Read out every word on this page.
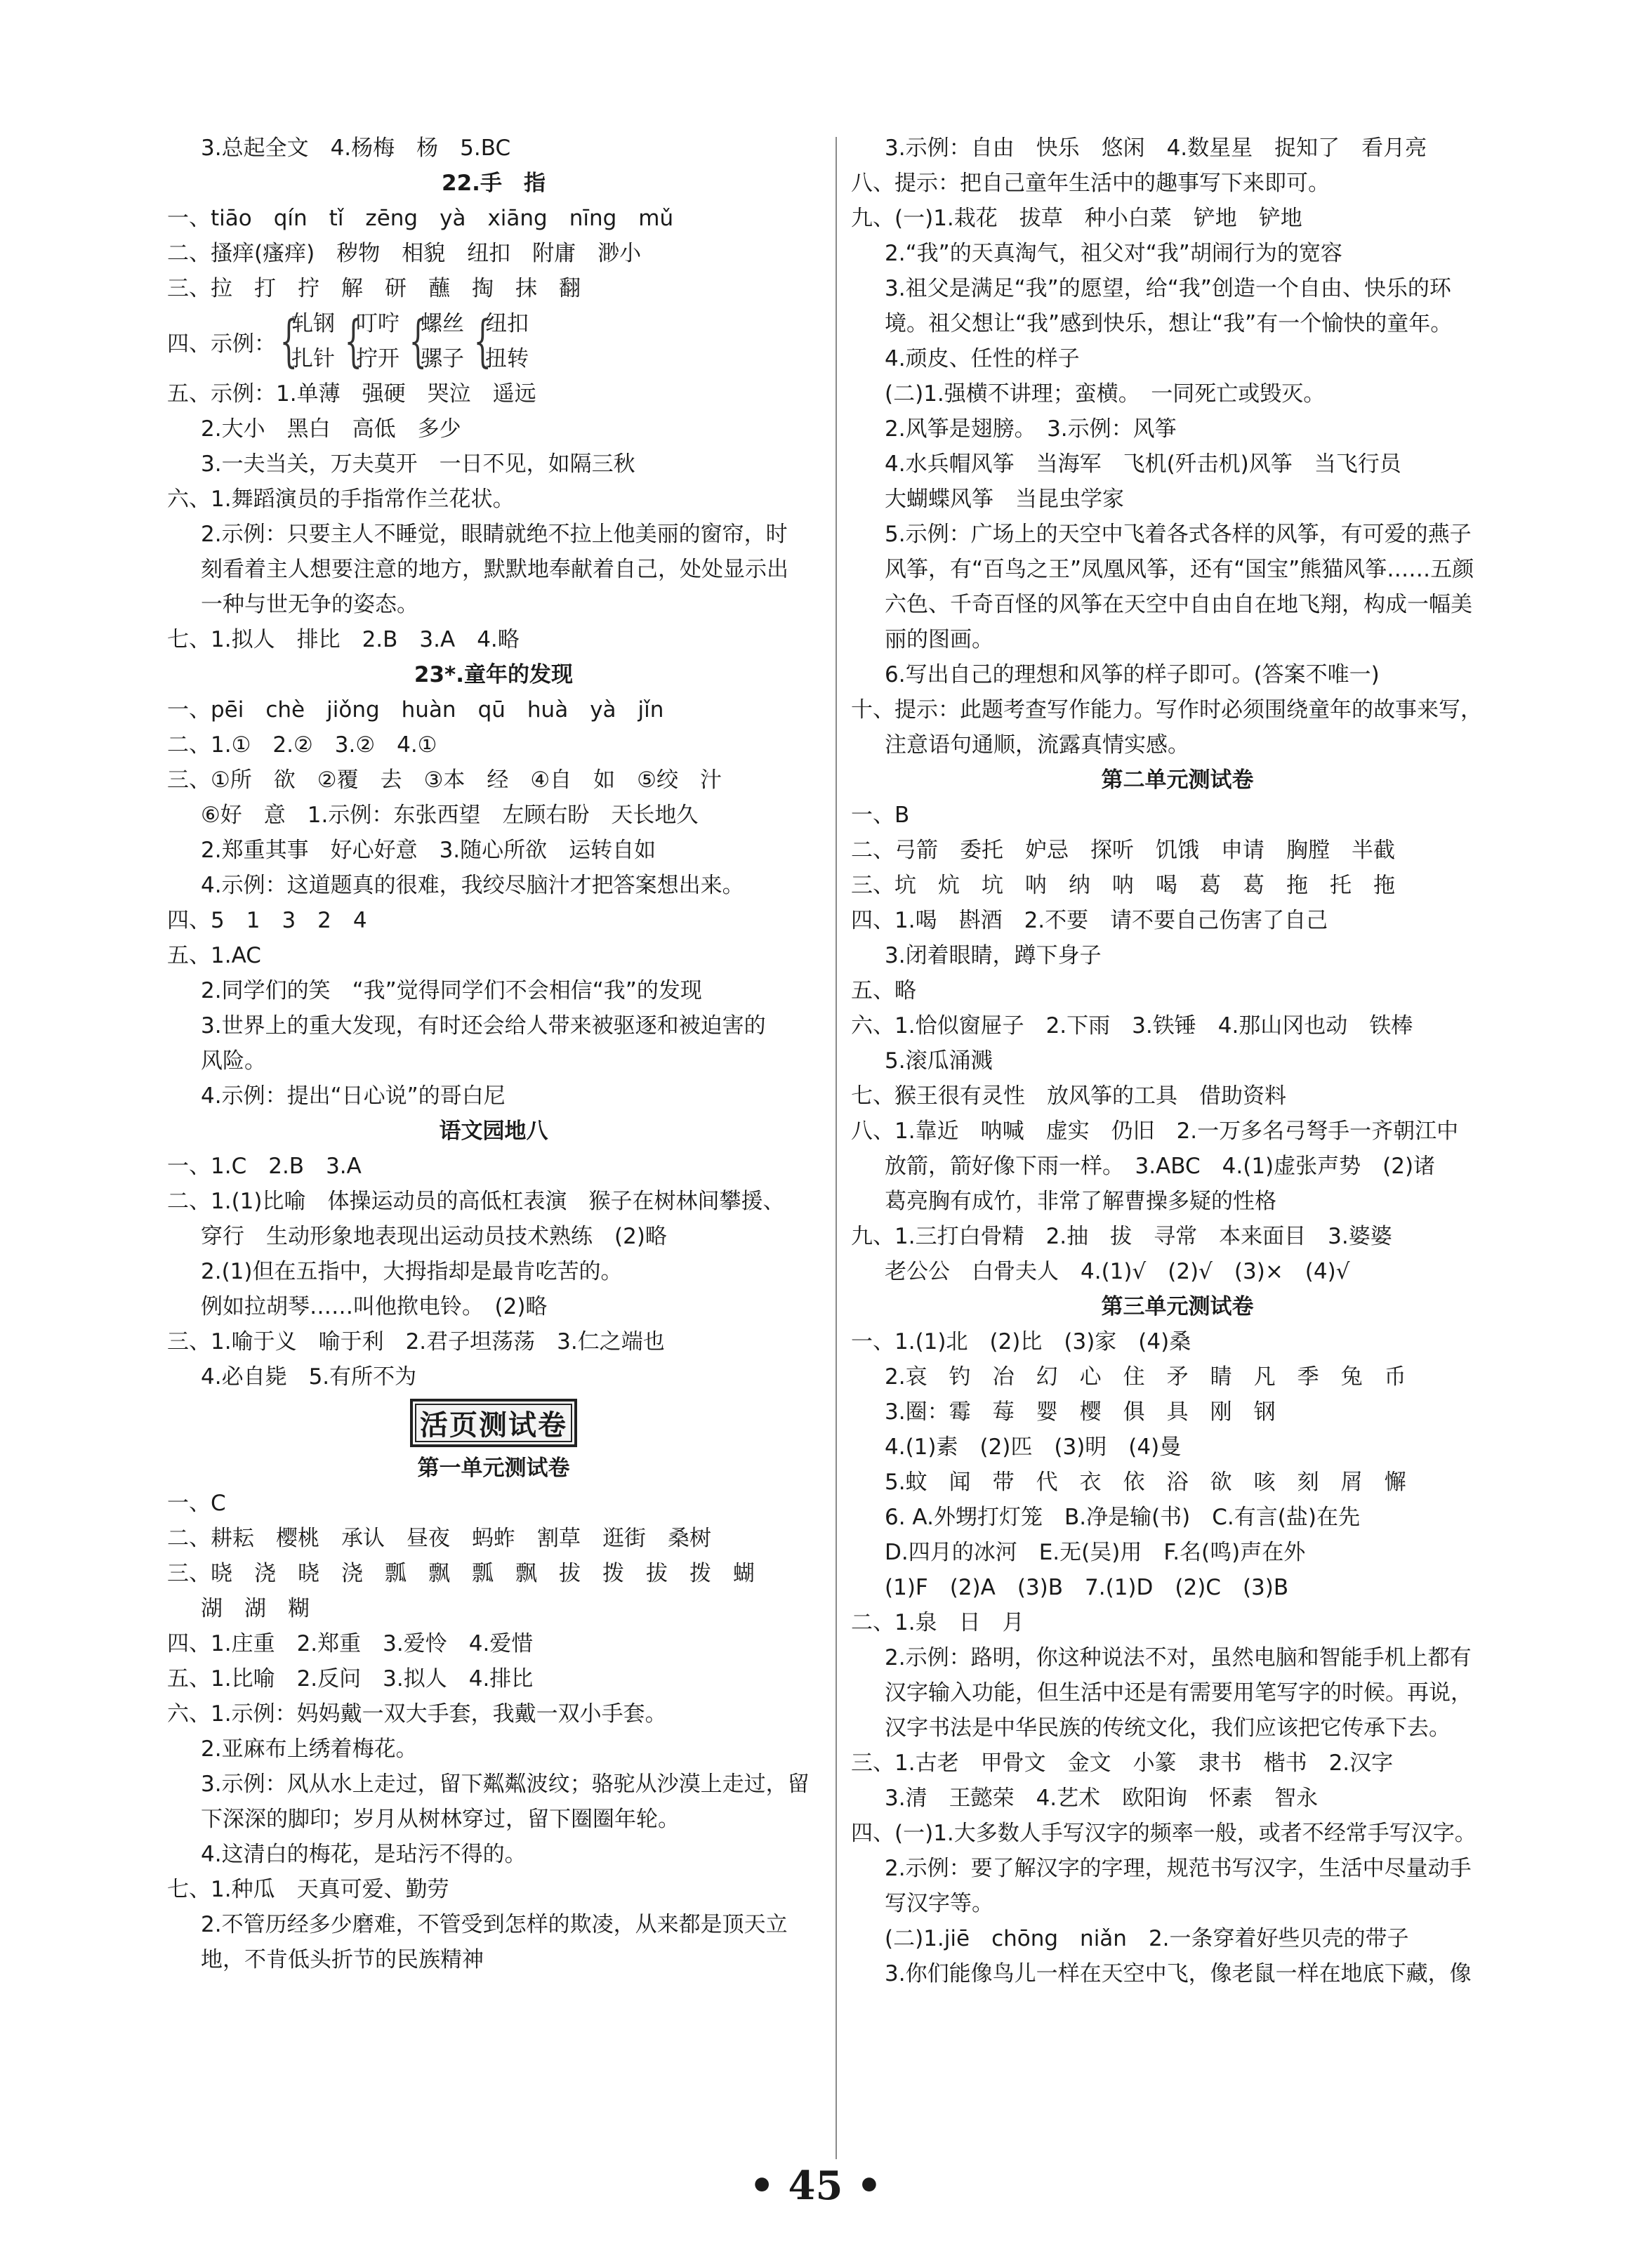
3.总起全文　4.杨梅　杨　5.BC
22.手　指
一、tiāo　qín　tǐ　zēng　yà　xiāng　nīng　mǔ
二、搔痒(瘙痒)　秽物　相貌　纽扣　附庸　渺小
三、拉　打　拧　解　研　蘸　掏　抹　翻
四、示例： {
轧钢
扎针 {
叮咛
拧开 {
螺丝
骡子 {
纽扣
扭转
五、示例：1.单薄　强硬　哭泣　遥远
2.大小　黑白　高低　多少
3.一夫当关，万夫莫开　一日不见，如隔三秋
六、1.舞蹈演员的手指常作兰花状。
2.示例：只要主人不睡觉，眼睛就绝不拉上他美丽的窗帘，时
刻看着主人想要注意的地方，默默地奉献着自己，处处显示出
一种与世无争的姿态。
七、1.拟人　排比　2.B　3.A　4.略
23*.童年的发现
一、pēi　chè　jiǒng　huàn　qū　huà　yà　jǐn
二、1.①　2.②　3.②　4.①
三、①所　欲　②覆　去　③本　经　④自　如　⑤绞　汁
⑥好　意　1.示例：东张西望　左顾右盼　天长地久
2.郑重其事　好心好意　3.随心所欲　运转自如
4.示例：这道题真的很难，我绞尽脑汁才把答案想出来。
四、5　1　3　2　4
五、1.AC
2.同学们的笑　“我”觉得同学们不会相信“我”的发现
3.世界上的重大发现，有时还会给人带来被驱逐和被迫害的
风险。
4.示例：提出“日心说”的哥白尼
语文园地八
一、1.C　2.B　3.A
二、1.(1)比喻　体操运动员的高低杠表演　猴子在树林间攀援、
穿行　生动形象地表现出运动员技术熟练　(2)略
2.(1)但在五指中，大拇指却是最肯吃苦的。
例如拉胡琴……叫他揿电铃。　(2)略
三、1.喻于义　喻于利　2.君子坦荡荡　3.仁之端也
4.必自毙　5.有所不为
活页测试卷
第一单元测试卷
一、C
二、耕耘　樱桃　承认　昼夜　蚂蚱　割草　逛街　桑树
三、晓　浇　晓　浇　瓢　飘　瓢　飘　拔　拨　拔　拨　蝴
湖　湖　糊
四、1.庄重　2.郑重　3.爱怜　4.爱惜
五、1.比喻　2.反问　3.拟人　4.排比
六、1.示例：妈妈戴一双大手套，我戴一双小手套。
2.亚麻布上绣着梅花。
3.示例：风从水上走过，留下粼粼波纹；骆驼从沙漠上走过，留
下深深的脚印；岁月从树林穿过，留下圈圈年轮。
4.这清白的梅花，是玷污不得的。
七、1.种瓜　天真可爱、勤劳
2.不管历经多少磨难，不管受到怎样的欺凌，从来都是顶天立
地，不肯低头折节的民族精神
3.示例：自由　快乐　悠闲　4.数星星　捉知了　看月亮
八、提示：把自己童年生活中的趣事写下来即可。
九、(一)1.栽花　拔草　种小白菜　铲地　铲地
2.“我”的天真淘气，祖父对“我”胡闹行为的宽容
3.祖父是满足“我”的愿望，给“我”创造一个自由、快乐的环
境。祖父想让“我”感到快乐，想让“我”有一个愉快的童年。
4.顽皮、任性的样子
(二)1.强横不讲理；蛮横。　一同死亡或毁灭。
2.风筝是翅膀。　3.示例：风筝
4.水兵帽风筝　当海军　飞机(歼击机)风筝　当飞行员
大蝴蝶风筝　当昆虫学家
5.示例：广场上的天空中飞着各式各样的风筝，有可爱的燕子
风筝，有“百鸟之王”凤凰风筝，还有“国宝”熊猫风筝……五颜
六色、千奇百怪的风筝在天空中自由自在地飞翔，构成一幅美
丽的图画。
6.写出自己的理想和风筝的样子即可。(答案不唯一)
十、提示：此题考查写作能力。写作时必须围绕童年的故事来写，
注意语句通顺，流露真情实感。
第二单元测试卷
一、B
二、弓箭　委托　妒忌　探听　饥饿　申请　胸膛　半截
三、坑　炕　坑　呐　纳　呐　喝　葛　葛　拖　托　拖
四、1.喝　斟酒　2.不要　请不要自己伤害了自己
3.闭着眼睛，蹲下身子
五、略
六、1.恰似窗屉子　2.下雨　3.铁锤　4.那山冈也动　铁棒
5.滚瓜涌溅
七、猴王很有灵性　放风筝的工具　借助资料
八、1.靠近　呐喊　虚实　仍旧　2.一万多名弓弩手一齐朝江中
放箭，箭好像下雨一样。　3.ABC　4.(1)虚张声势　(2)诸
葛亮胸有成竹，非常了解曹操多疑的性格
九、1.三打白骨精　2.抽　拔　寻常　本来面目　3.婆婆
老公公　白骨夫人　4.(1)√　(2)√　(3)×　(4)√
第三单元测试卷
一、1.(1)北　(2)比　(3)家　(4)桑
2.哀　钓　冶　幻　心　住　矛　睛　凡　季　兔　币
3.圈：霉　莓　婴　樱　俱　具　刚　钢
4.(1)素　(2)匹　(3)明　(4)曼
5.蚊　闻　带　代　衣　依　浴　欲　咳　刻　屑　懈
6. A.外甥打灯笼　B.净是输(书)　C.有言(盐)在先
D.四月的冰河　E.无(吴)用　F.名(鸣)声在外
(1)F　(2)A　(3)B　7.(1)D　(2)C　(3)B
二、1.泉　日　月
2.示例：路明，你这种说法不对，虽然电脑和智能手机上都有
汉字输入功能，但生活中还是有需要用笔写字的时候。再说，
汉字书法是中华民族的传统文化，我们应该把它传承下去。
三、1.古老　甲骨文　金文　小篆　隶书　楷书　2.汉字
3.清　王懿荣　4.艺术　欧阳询　怀素　智永
四、(一)1.大多数人手写汉字的频率一般，或者不经常手写汉字。
2.示例：要了解汉字的字理，规范书写汉字，生活中尽量动手
写汉字等。
(二)1.jiē　chōng　niǎn　2.一条穿着好些贝壳的带子
3.你们能像鸟儿一样在天空中飞，像老鼠一样在地底下藏，像
• 45 •
